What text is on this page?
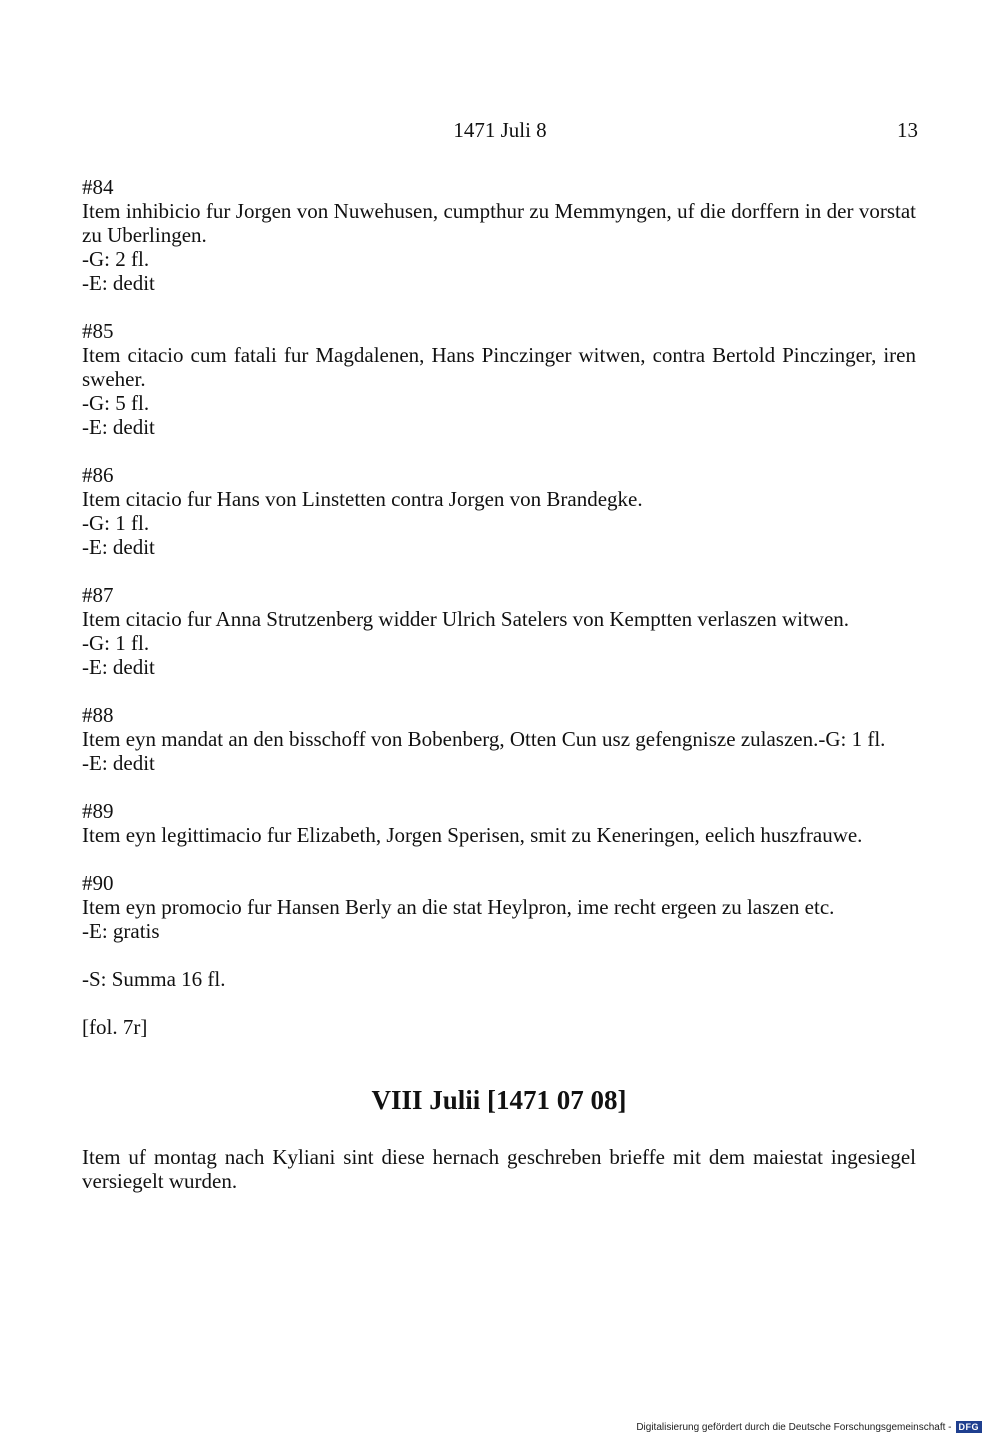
1471 Juli 8	13
#84
Item inhibicio fur Jorgen von Nuwehusen, cumpthur zu Memmyngen, uf die dorffern in der vorstat zu Uberlingen.
-G: 2 fl.
-E: dedit
#85
Item citacio cum fatali fur Magdalenen, Hans Pinczinger witwen, contra Bertold Pinczinger, iren sweher.
-G: 5 fl.
-E: dedit
#86
Item citacio fur Hans von Linstetten contra Jorgen von Brandegke.
-G: 1 fl.
-E: dedit
#87
Item citacio fur Anna Strutzenberg widder Ulrich Satelers von Kemptten verlaszen witwen.
-G: 1 fl.
-E: dedit
#88
Item eyn mandat an den bisschoff von Bobenberg, Otten Cun usz gefengnisze zulaszen.-G: 1 fl.
-E: dedit
#89
Item eyn legittimacio fur Elizabeth, Jorgen Sperisen, smit zu Keneringen, eelich huszfrauwe.
#90
Item eyn promocio fur Hansen Berly an die stat Heylpron, ime recht ergeen zu laszen etc.
-E: gratis
-S: Summa 16 fl.
[fol. 7r]
VIII Julii [1471 07 08]
Item uf montag nach Kyliani sint diese hernach geschreben brieffe mit dem maiestat ingesiegel versiegelt wurden.
Digitalisierung gefördert durch die Deutsche Forschungsgemeinschaft - DFG
